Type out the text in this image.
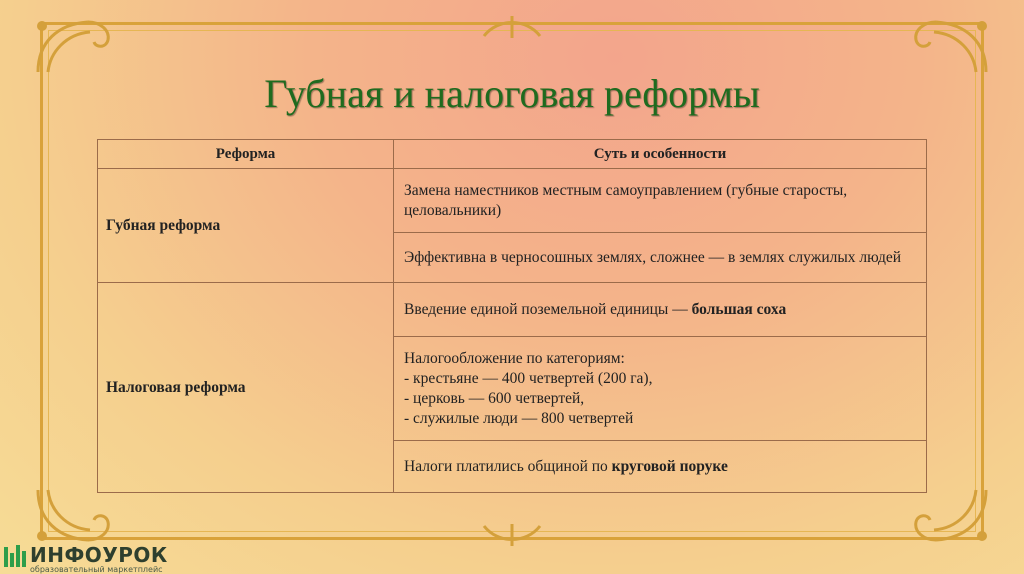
Губная и налоговая реформы
Реформа	Суть и особенности
Губная реформа	Замена наместников местным самоуправлением (губные старосты, целовальники)
	Эффективна в черносошных землях, сложнее — в землях служилых людей
Налоговая реформа	Введение единой поземельной единицы — большая соха

	Налогообложение по категориям:
- крестьяне — 400 четвертей (200 га),
- церковь — 600 четвертей,
- служилые люди — 800 четвертей

	Налоги платились общиной по круговой поруке
ИНФОУРОК
образовательный маркетплейс
